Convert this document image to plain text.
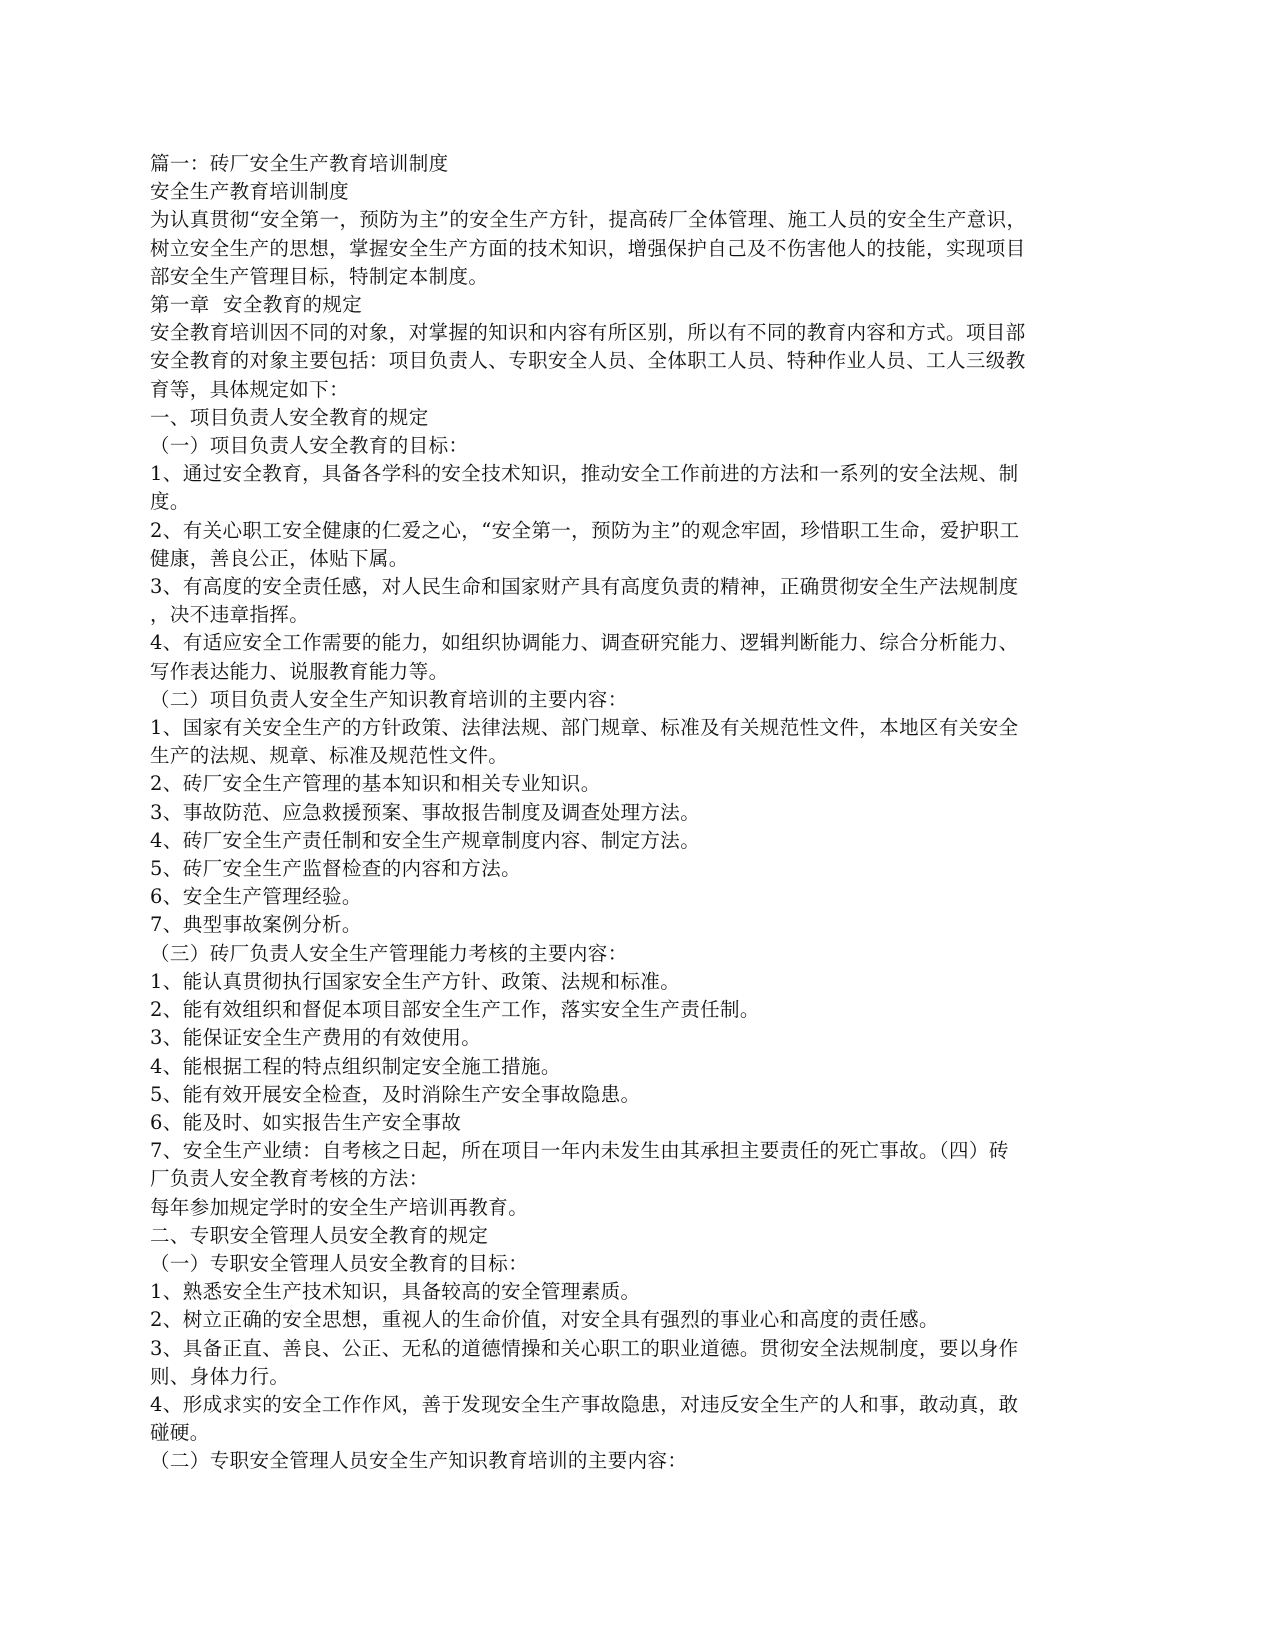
篇一：砖厂安全生产教育培训制度

安全生产教育培训制度

为认真贯彻“安全第一，预防为主”的安全生产方针，提高砖厂全体管理、施工人员的安全生产意识，

树立安全生产的思想，掌握安全生产方面的技术知识，增强保护自己及不伤害他人的技能，实现项目

部安全生产管理目标，特制定本制度。

第一章  安全教育的规定

安全教育培训因不同的对象，对掌握的知识和内容有所区别，所以有不同的教育内容和方式。项目部

安全教育的对象主要包括：项目负责人、专职安全人员、全体职工人员、特种作业人员、工人三级教

育等，具体规定如下：

一、项目负责人安全教育的规定

（一）项目负责人安全教育的目标：

1、通过安全教育，具备各学科的安全技术知识，推动安全工作前进的方法和一系列的安全法规、制

度。

2、有关心职工安全健康的仁爱之心，“安全第一，预防为主”的观念牢固，珍惜职工生命，爱护职工

健康，善良公正，体贴下属。

3、有高度的安全责任感，对人民生命和国家财产具有高度负责的精神，正确贯彻安全生产法规制度

，决不违章指挥。

4、有适应安全工作需要的能力，如组织协调能力、调查研究能力、逻辑判断能力、综合分析能力、

写作表达能力、说服教育能力等。

（二）项目负责人安全生产知识教育培训的主要内容：

1、国家有关安全生产的方针政策、法律法规、部门规章、标准及有关规范性文件，本地区有关安全

生产的法规、规章、标准及规范性文件。

2、砖厂安全生产管理的基本知识和相关专业知识。

3、事故防范、应急救援预案、事故报告制度及调查处理方法。

4、砖厂安全生产责任制和安全生产规章制度内容、制定方法。

5、砖厂安全生产监督检查的内容和方法。

6、安全生产管理经验。

7、典型事故案例分析。

（三）砖厂负责人安全生产管理能力考核的主要内容：

1、能认真贯彻执行国家安全生产方针、政策、法规和标准。

2、能有效组织和督促本项目部安全生产工作，落实安全生产责任制。

3、能保证安全生产费用的有效使用。

4、能根据工程的特点组织制定安全施工措施。

5、能有效开展安全检查，及时消除生产安全事故隐患。

6、能及时、如实报告生产安全事故

7、安全生产业绩：自考核之日起，所在项目一年内未发生由其承担主要责任的死亡事故。（四）砖

厂负责人安全教育考核的方法：

每年参加规定学时的安全生产培训再教育。

二、专职安全管理人员安全教育的规定

（一）专职安全管理人员安全教育的目标：

1、熟悉安全生产技术知识，具备较高的安全管理素质。

2、树立正确的安全思想，重视人的生命价值，对安全具有强烈的事业心和高度的责任感。

3、具备正直、善良、公正、无私的道德情操和关心职工的职业道德。贯彻安全法规制度，要以身作

则、身体力行。

4、形成求实的安全工作作风，善于发现安全生产事故隐患，对违反安全生产的人和事，敢动真，敢

碰硬。

（二）专职安全管理人员安全生产知识教育培训的主要内容：
